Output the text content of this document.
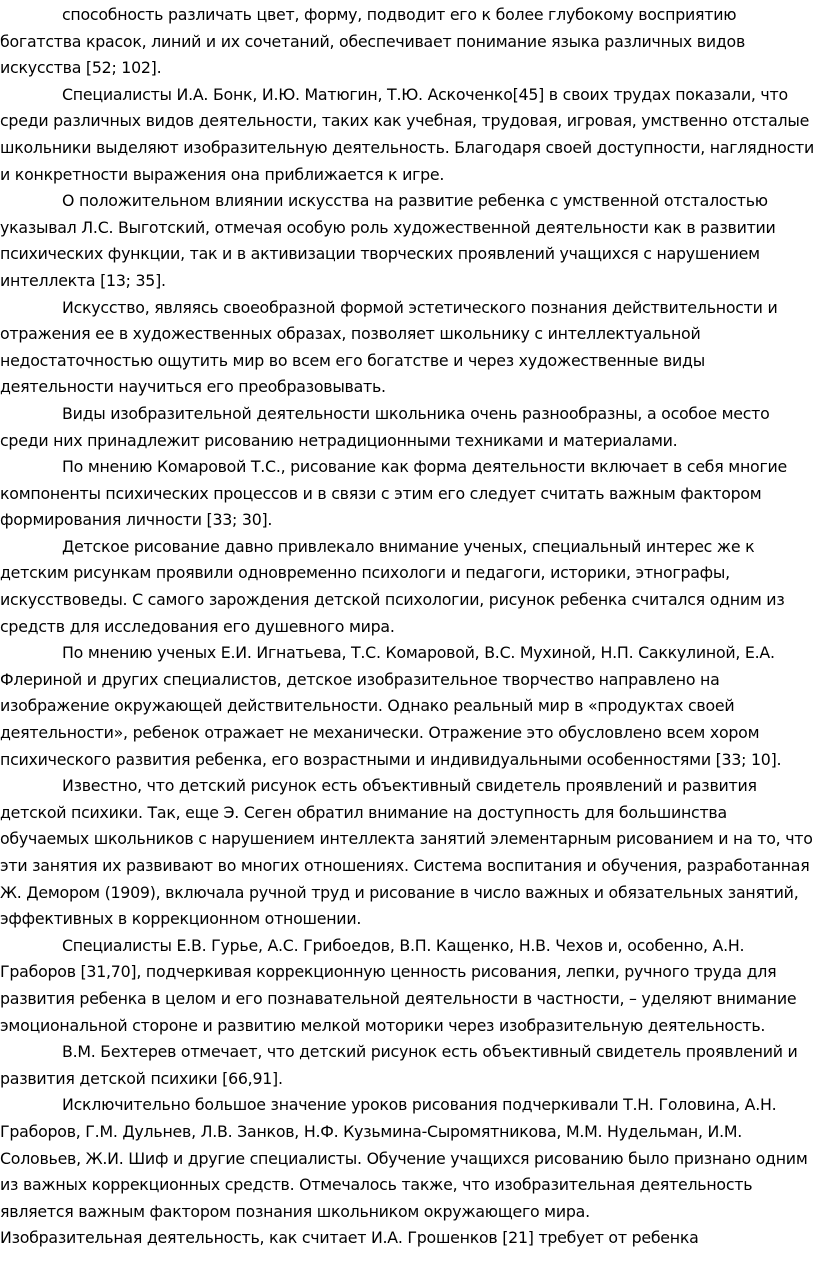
способность различать цвет, форму, подводит его к более глубокому восприятию богатства красок, линий и их сочетаний, обеспечивает понимание языка различных видов искусства [52; 102].

Специалисты И.А. Бонк, И.Ю. Матюгин, Т.Ю. Аскоченко[45] в своих трудах показали, что среди различных видов деятельности, таких как учебная, трудовая, игровая, умственно отсталые школьники выделяют изобразительную деятельность. Благодаря своей доступности, наглядности и конкретности выражения она приближается к игре.

О положительном влиянии искусства на развитие ребенка с умственной отсталостью указывал Л.С. Выготский, отмечая особую роль художественной деятельности как в развитии психических функции, так и в активизации творческих проявлений учащихся с нарушением интеллекта [13; 35].

Искусство, являясь своеобразной формой эстетического познания действительности и отражения ее в художественных образах, позволяет школьнику с интеллектуальной недостаточностью ощутить мир во всем его богатстве и через художественные виды деятельности научиться его преобразовывать.

Виды изобразительной деятельности школьника очень разнообразны, а особое место среди них принадлежит рисованию нетрадиционными техниками и материалами.

По мнению Комаровой Т.С., рисование как форма деятельности включает в себя многие компоненты психических процессов и в связи с этим его следует считать важным фактором формирования личности [33; 30].

Детское рисование давно привлекало внимание ученых, специальный интерес же к детским рисункам проявили одновременно психологи и педагоги, историки, этнографы, искусствоведы. С самого зарождения детской психологии, рисунок ребенка считался одним из средств для исследования его душевного мира.

По мнению ученых Е.И. Игнатьева, Т.С. Комаровой, В.С. Мухиной, Н.П. Саккулиной, Е.А. Флериной и других специалистов, детское изобразительное творчество направлено на изображение окружающей действительности. Однако реальный мир в «продуктах своей деятельности», ребенок отражает не механически. Отражение это обусловлено всем хором психического развития ребенка, его возрастными и индивидуальными особенностями [33; 10].

Известно, что детский рисунок есть объективный свидетель проявлений и развития детской психики. Так, еще Э. Сеген обратил внимание на доступность для большинства обучаемых школьников с нарушением интеллекта занятий элементарным рисованием и на то, что эти занятия их развивают во многих отношениях. Система воспитания и обучения, разработанная Ж. Демором (1909), включала ручной труд и рисование в число важных и обязательных занятий, эффективных в коррекционном отношении.

Специалисты Е.В. Гурье, А.С. Грибоедов, В.П. Кащенко, Н.В. Чехов и, особенно, А.Н. Граборов [31,70], подчеркивая коррекционную ценность рисования, лепки, ручного труда для развития ребенка в целом и его познавательной деятельности в частности, – уделяют внимание эмоциональной стороне и развитию мелкой моторики через изобразительную деятельность.

В.М. Бехтерев отмечает, что детский рисунок есть объективный свидетель проявлений и развития детской психики [66,91].

Исключительно большое значение уроков рисования подчеркивали Т.Н. Головина, А.Н. Граборов, Г.М. Дульнев, Л.В. Занков, Н.Ф. Кузьмина-Сыромятникова, М.М. Нудельман, И.М. Соловьев, Ж.И. Шиф и другие специалисты. Обучение учащихся рисованию было признано одним из важных коррекционных средств. Отмечалось также, что изобразительная деятельность является важным фактором познания школьником окружающего мира.

Изобразительная деятельность, как считает И.А. Грошенков [21] требует от ребенка
